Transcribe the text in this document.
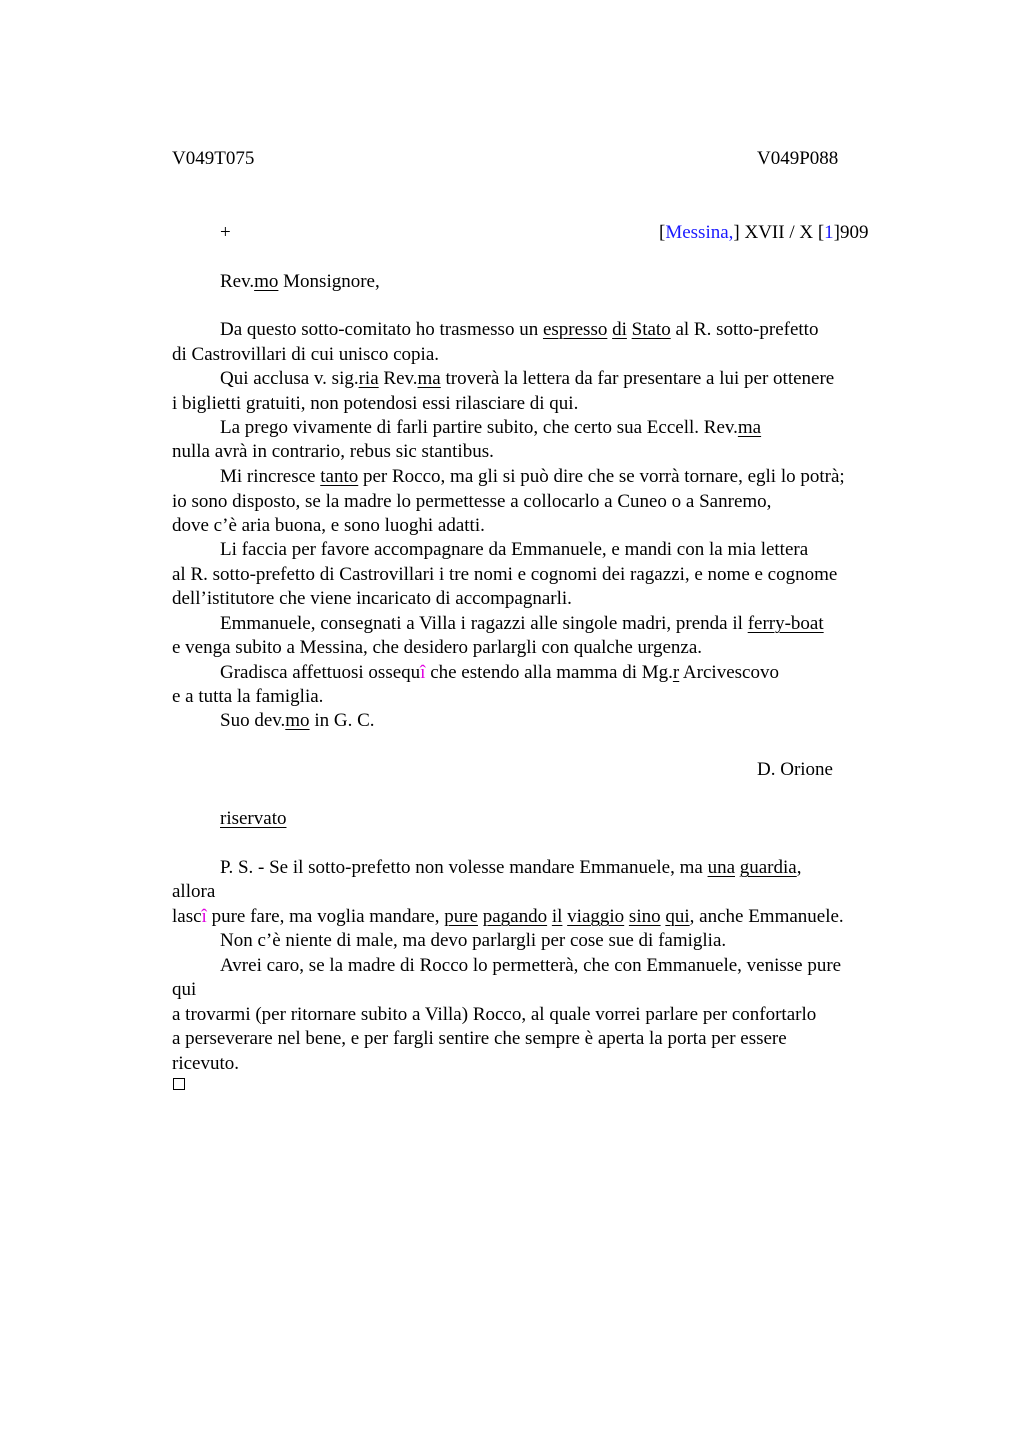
V049T075	V049P088
+	[Messina,] XVII / X [1]909
Rev.mo Monsignore,
Da questo sotto-comitato ho trasmesso un espresso di Stato al R. sotto-prefetto
di Castrovillari di cui unisco copia.
Qui acclusa v. sig.ria Rev.ma troverà la lettera da far presentare a lui per ottenere
i biglietti gratuiti, non potendosi essi rilasciare di qui.
La prego vivamente di farli partire subito, che certo sua Eccell. Rev.ma
nulla avrà in contrario, rebus sic stantibus.
Mi rincresce tanto per Rocco, ma gli si può dire che se vorrà tornare, egli lo potrà;
io sono disposto, se la madre lo permettesse a collocarlo a Cuneo o a Sanremo,
dove c’è aria buona, e sono luoghi adatti.
Li faccia per favore accompagnare da Emmanuele, e mandi con la mia lettera
al R. sotto-prefetto di Castrovillari i tre nomi e cognomi dei ragazzi, e nome e cognome
dell’istitutore che viene incaricato di accompagnarli.
Emmanuele, consegnati a Villa i ragazzi alle singole madri, prenda il ferry-boat
e venga subito a Messina, che desidero parlargli con qualche urgenza.
Gradisca affettuosi ossequî che estendo alla mamma di Mg.r Arcivescovo
e a tutta la famiglia.
Suo dev.mo in G. C.
D. Orione
riservato
P. S. - Se il sotto-prefetto non volesse mandare Emmanuele, ma una guardia,
allora
lascî pure fare, ma voglia mandare, pure pagando il viaggio sino qui, anche Emmanuele.
Non c’è niente di male, ma devo parlargli per cose sue di famiglia.
Avrei caro, se la madre di Rocco lo permetterà, che con Emmanuele, venisse pure
qui
a trovarmi (per ritornare subito a Villa) Rocco, al quale vorrei parlare per confortarlo
a perseverare nel bene, e per fargli sentire che sempre è aperta la porta per essere
ricevuto.
